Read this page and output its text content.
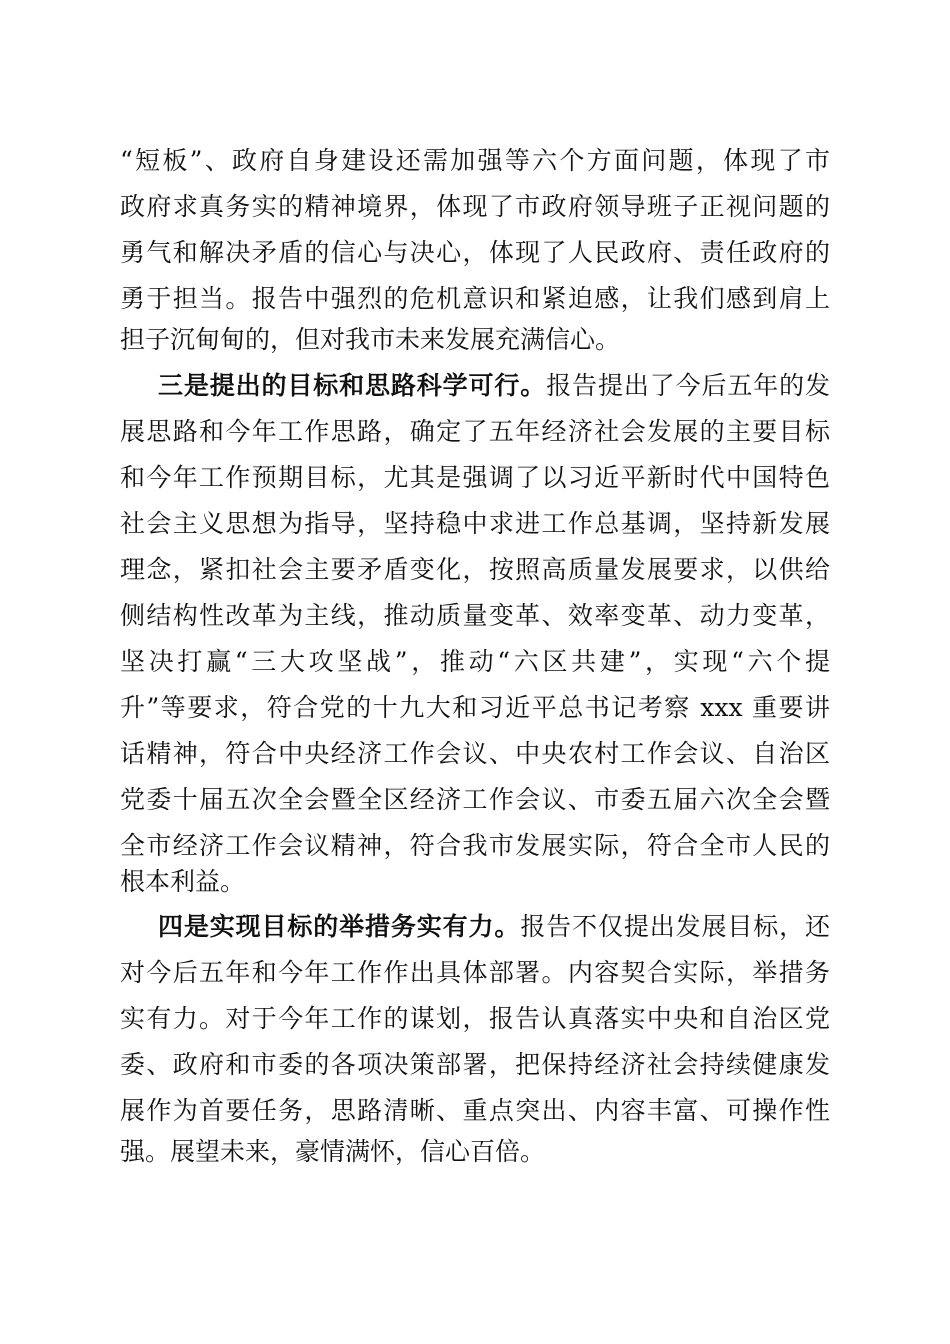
“短板”、政府自身建设还需加强等六个方面问题，体现了市
政府求真务实的精神境界，体现了市政府领导班子正视问题的
勇气和解决矛盾的信心与决心，体现了人民政府、责任政府的
勇于担当。报告中强烈的危机意识和紧迫感，让我们感到肩上
担子沉甸甸的，但对我市未来发展充满信心。
三是提出的目标和思路科学可行。报告提出了今后五年的发
展思路和今年工作思路，确定了五年经济社会发展的主要目标
和今年工作预期目标，尤其是强调了以习近平新时代中国特色
社会主义思想为指导，坚持稳中求进工作总基调，坚持新发展
理念，紧扣社会主要矛盾变化，按照高质量发展要求，以供给
侧结构性改革为主线，推动质量变革、效率变革、动力变革，
坚决打赢“三大攻坚战”，推动“六区共建”，实现“六个提
升”等要求，符合党的十九大和习近平总书记考察 xxx 重要讲
话精神，符合中央经济工作会议、中央农村工作会议、自治区
党委十届五次全会暨全区经济工作会议、市委五届六次全会暨
全市经济工作会议精神，符合我市发展实际，符合全市人民的
根本利益。
四是实现目标的举措务实有力。报告不仅提出发展目标，还
对今后五年和今年工作作出具体部署。内容契合实际，举措务
实有力。对于今年工作的谋划，报告认真落实中央和自治区党
委、政府和市委的各项决策部署，把保持经济社会持续健康发
展作为首要任务，思路清晰、重点突出、内容丰富、可操作性
强。展望未来，豪情满怀，信心百倍。
